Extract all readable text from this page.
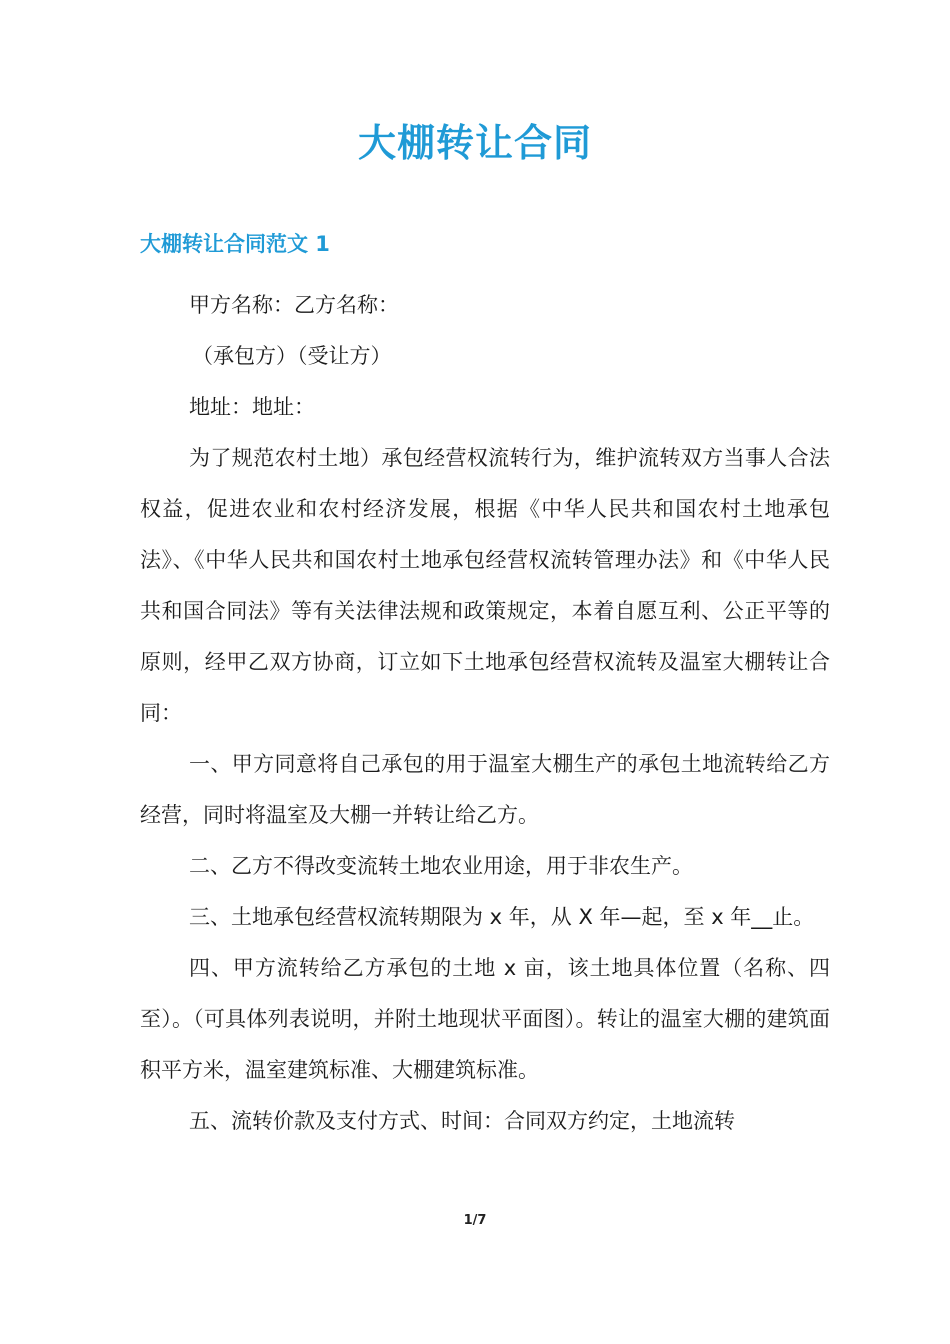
大棚转让合同
大棚转让合同范文 1

甲方名称：乙方名称：

（承包方）（受让方）

地址：地址：

为了规范农村土地）承包经营权流转行为，维护流转双方当事人合法权益，促进农业和农村经济发展，根据《中华人民共和国农村土地承包法》、《中华人民共和国农村土地承包经营权流转管理办法》和《中华人民共和国合同法》等有关法律法规和政策规定，本着自愿互利、公正平等的原则，经甲乙双方协商，订立如下土地承包经营权流转及温室大棚转让合同：

一、甲方同意将自己承包的用于温室大棚生产的承包土地流转给乙方经营，同时将温室及大棚一并转让给乙方。

二、乙方不得改变流转土地农业用途，用于非农生产。

三、土地承包经营权流转期限为 x 年，从 X 年—起，至 x 年__止。

四、甲方流转给乙方承包的土地 x 亩，该土地具体位置（名称、四至）。（可具体列表说明，并附土地现状平面图）。转让的温室大棚的建筑面积平方米，温室建筑标准、大棚建筑标准。

五、流转价款及支付方式、时间：合同双方约定，土地流转

1/7
